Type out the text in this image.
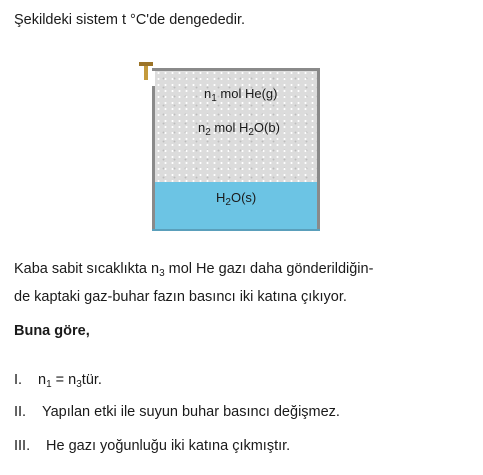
Şekildeki sistem t °C'de dengededir.
$n_1$ mol He(g)
$n_2$ mol $H_2O(b)$
$H_2O(s)$
Kaba sabit sıcaklıkta $n_3$ mol He gazı daha gönderildiğin-
de kaptaki gaz-buhar fazın basıncı iki katına çıkıyor.
Buna göre,
I. $n_1$ = $n_3tür$.
II. Yapılan etki ile suyun buhar basıncı değişmez.
III. He gazı yoğunluğu iki katına çıkmıştır.
